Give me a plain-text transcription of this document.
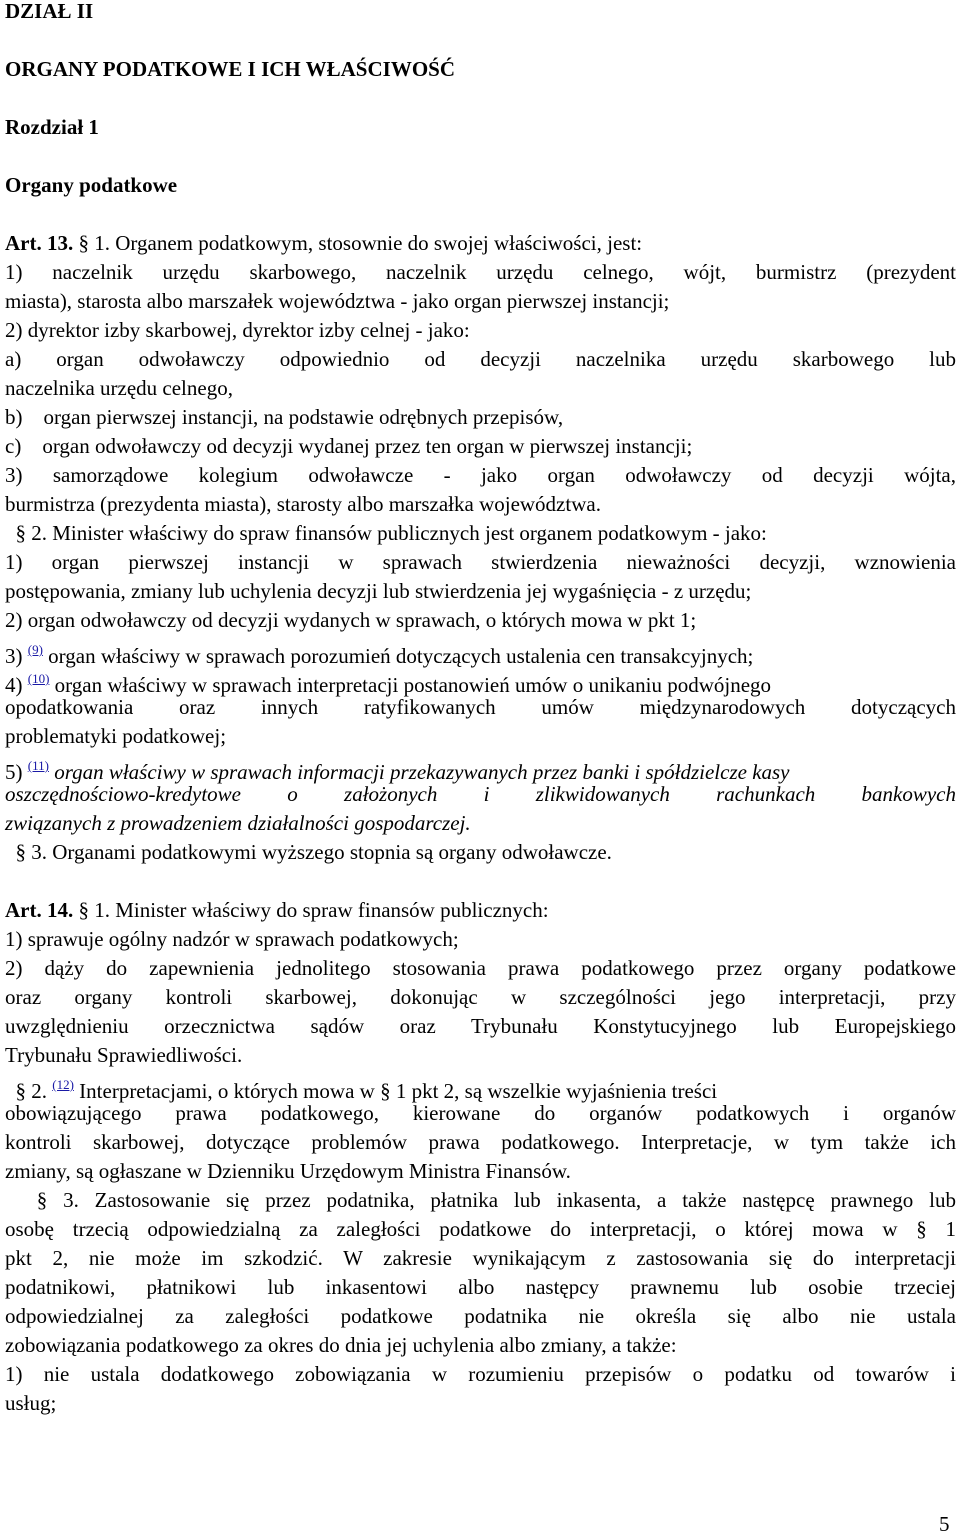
DZIAŁ II
ORGANY PODATKOWE I ICH WŁAŚCIWOŚĆ
Rozdział 1
Organy podatkowe
Art. 13. § 1. Organem podatkowym, stosownie do swojej właściwości, jest:
1) naczelnik urzędu skarbowego, naczelnik urzędu celnego, wójt, burmistrz (prezydent
miasta), starosta albo marszałek województwa - jako organ pierwszej instancji;
2) dyrektor izby skarbowej, dyrektor izby celnej - jako:
a) organ odwoławczy odpowiednio od decyzji naczelnika urzędu skarbowego lub
naczelnika urzędu celnego,
b)    organ pierwszej instancji, na podstawie odrębnych przepisów,
c)    organ odwoławczy od decyzji wydanej przez ten organ w pierwszej instancji;
3) samorządowe kolegium odwoławcze - jako organ odwoławczy od decyzji wójta,
burmistrza (prezydenta miasta), starosty albo marszałka województwa.
§ 2. Minister właściwy do spraw finansów publicznych jest organem podatkowym - jako:
1) organ pierwszej instancji w sprawach stwierdzenia nieważności decyzji, wznowienia
postępowania, zmiany lub uchylenia decyzji lub stwierdzenia jej wygaśnięcia - z urzędu;
2) organ odwoławczy od decyzji wydanych w sprawach, o których mowa w pkt 1;
3) $^{(9)}$ organ właściwy w sprawach porozumień dotyczących ustalenia cen transakcyjnych;
4) $^{(10)}$ organ właściwy w sprawach interpretacji postanowień umów o unikaniu podwójnego
opodatkowania oraz innych ratyfikowanych umów międzynarodowych dotyczących
problematyki podatkowej;
5) $^{(11)}$ organ właściwy w sprawach informacji przekazywanych przez banki i spółdzielcze kasy
oszczędnościowo-kredytowe o założonych i zlikwidowanych rachunkach bankowych
związanych z prowadzeniem działalności gospodarczej.
§ 3. Organami podatkowymi wyższego stopnia są organy odwoławcze.
Art. 14. § 1. Minister właściwy do spraw finansów publicznych:
1) sprawuje ogólny nadzór w sprawach podatkowych;
2) dąży do zapewnienia jednolitego stosowania prawa podatkowego przez organy podatkowe
oraz organy kontroli skarbowej, dokonując w szczególności jego interpretacji, przy
uwzględnieniu orzecznictwa sądów oraz Trybunału Konstytucyjnego lub Europejskiego
Trybunału Sprawiedliwości.
§ 2. $^{(12)}$ Interpretacjami, o których mowa w § 1 pkt 2, są wszelkie wyjaśnienia treści
obowiązującego prawa podatkowego, kierowane do organów podatkowych i organów
kontroli skarbowej, dotyczące problemów prawa podatkowego. Interpretacje, w tym także ich
zmiany, są ogłaszane w Dzienniku Urzędowym Ministra Finansów.
§ 3. Zastosowanie się przez podatnika, płatnika lub inkasenta, a także następcę prawnego lub
osobę trzecią odpowiedzialną za zaległości podatkowe do interpretacji, o której mowa w § 1
pkt 2, nie może im szkodzić. W zakresie wynikającym z zastosowania się do interpretacji
podatnikowi, płatnikowi lub inkasentowi albo następcy prawnemu lub osobie trzeciej
odpowiedzialnej za zaległości podatkowe podatnika nie określa się albo nie ustala
zobowiązania podatkowego za okres do dnia jej uchylenia albo zmiany, a także:
1) nie ustala dodatkowego zobowiązania w rozumieniu przepisów o podatku od towarów i
usług;
5
